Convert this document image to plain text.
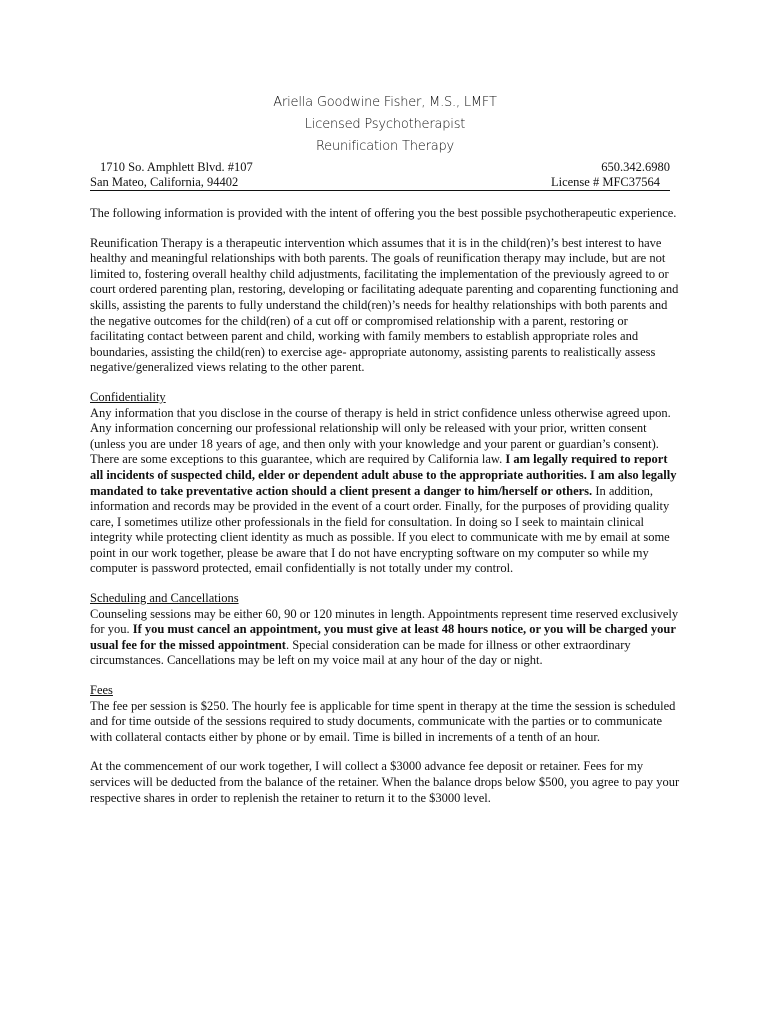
Ariella Goodwine Fisher, M.S., LMFT
Licensed Psychotherapist
Reunification Therapy
1710 So. Amphlett Blvd. #107	650.342.6980
San Mateo, California, 94402	License # MFC37564

The following information is provided with the intent of offering you the best possible psychotherapeutic experience.

Reunification Therapy is a therapeutic intervention which assumes that it is in the child(ren)’s best interest to have healthy and meaningful relationships with both parents. The goals of reunification therapy may include, but are not limited to, fostering overall healthy child adjustments, facilitating the implementation of the previously agreed to or court ordered parenting plan, restoring, developing or facilitating adequate parenting and coparenting functioning and skills, assisting the parents to fully understand the child(ren)’s needs for healthy relationships with both parents and the negative outcomes for the child(ren) of a cut off or compromised relationship with a parent, restoring or facilitating contact between parent and child, working with family members to establish appropriate roles and boundaries, assisting the child(ren) to exercise age- appropriate autonomy, assisting parents to realistically assess negative/generalized views relating to the other parent.

Confidentiality
Any information that you disclose in the course of therapy is held in strict confidence unless otherwise agreed upon. Any information concerning our professional relationship will only be released with your prior, written consent (unless you are under 18 years of age, and then only with your knowledge and your parent or guardian’s consent). There are some exceptions to this guarantee, which are required by California law. I am legally required to report all incidents of suspected child, elder or dependent adult abuse to the appropriate authorities. I am also legally mandated to take preventative action should a client present a danger to him/herself or others. In addition, information and records may be provided in the event of a court order. Finally, for the purposes of providing quality care, I sometimes utilize other professionals in the field for consultation. In doing so I seek to maintain clinical integrity while protecting client identity as much as possible. If you elect to communicate with me by email at some point in our work together, please be aware that I do not have encrypting software on my computer so while my computer is password protected, email confidentially is not totally under my control.

Scheduling and Cancellations
Counseling sessions may be either 60, 90 or 120 minutes in length. Appointments represent time reserved exclusively for you. If you must cancel an appointment, you must give at least 48 hours notice, or you will be charged your usual fee for the missed appointment. Special consideration can be made for illness or other extraordinary circumstances. Cancellations may be left on my voice mail at any hour of the day or night.

Fees
The fee per session is $250. The hourly fee is applicable for time spent in therapy at the time the session is scheduled and for time outside of the sessions required to study documents, communicate with the parties or to communicate with collateral contacts either by phone or by email. Time is billed in increments of a tenth of an hour.

At the commencement of our work together, I will collect a $3000 advance fee deposit or retainer. Fees for my services will be deducted from the balance of the retainer. When the balance drops below $500, you agree to pay your respective shares in order to replenish the retainer to return it to the $3000 level.
